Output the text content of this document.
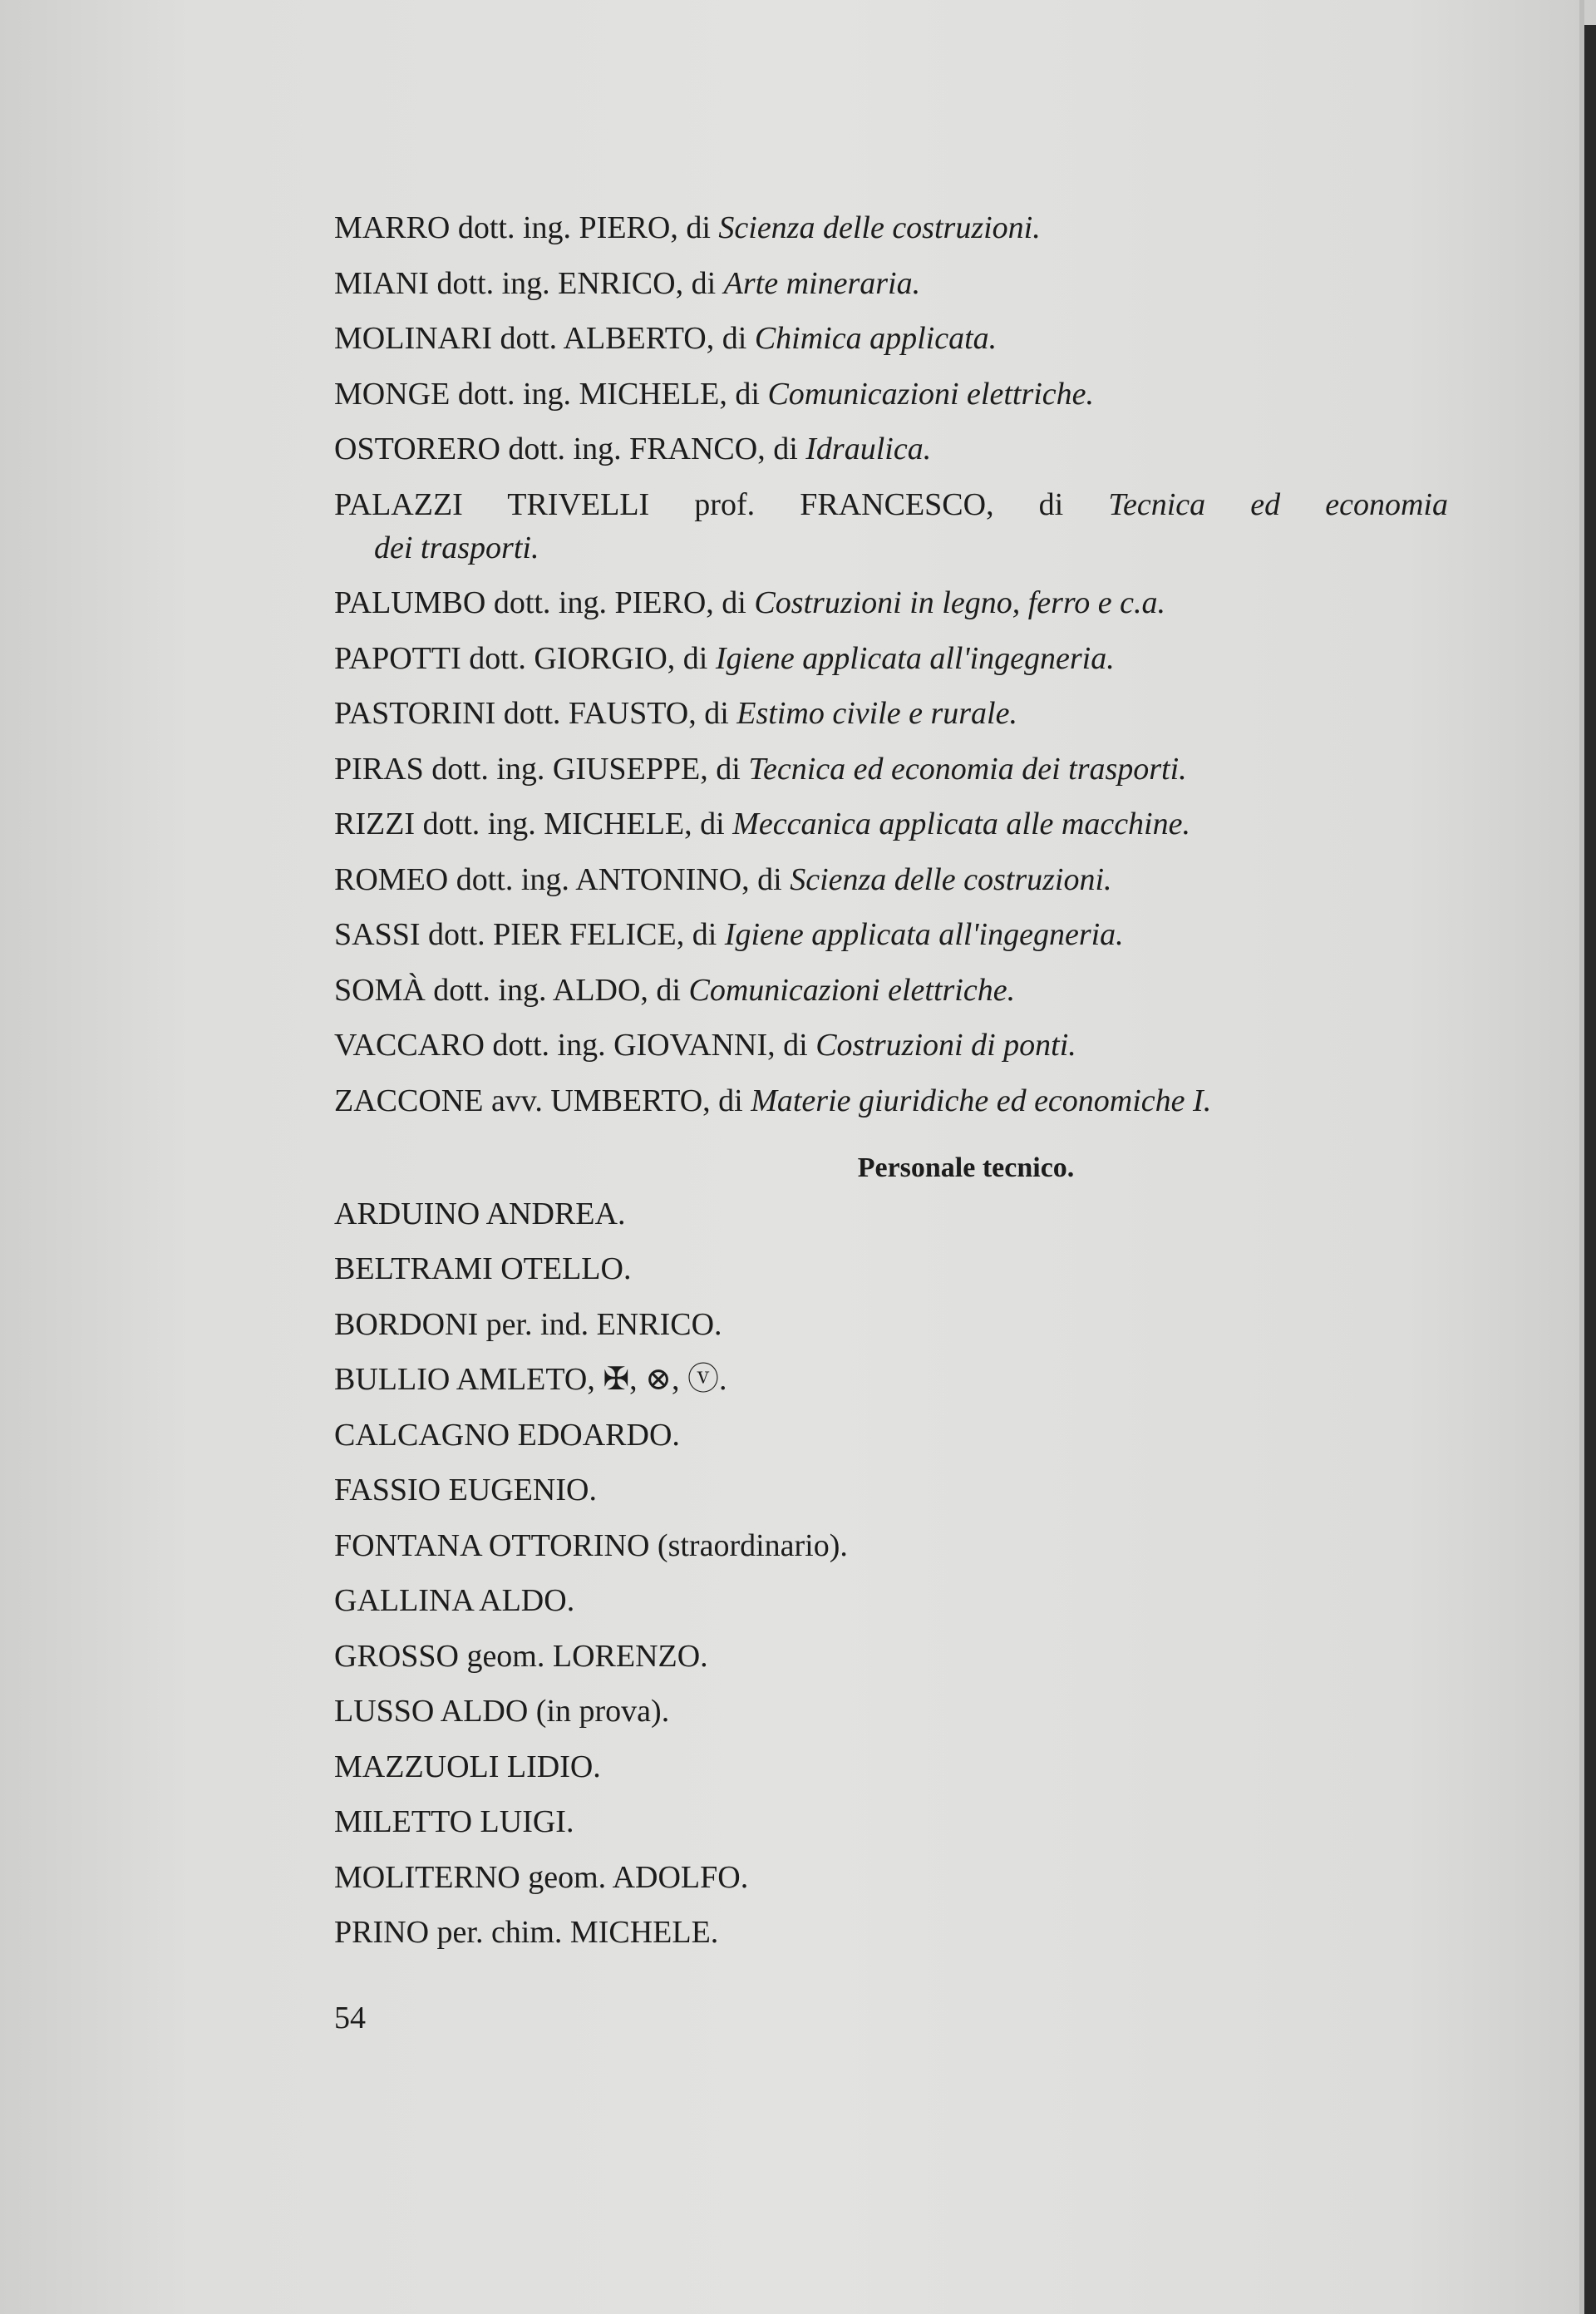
MARRO dott. ing. PIERO, di Scienza delle costruzioni.

MIANI dott. ing. ENRICO, di Arte mineraria.

MOLINARI dott. ALBERTO, di Chimica applicata.

MONGE dott. ing. MICHELE, di Comunicazioni elettriche.

OSTORERO dott. ing. FRANCO, di Idraulica.

PALAZZI TRIVELLI prof. FRANCESCO, di Tecnica ed economia
dei trasporti.

PALUMBO dott. ing. PIERO, di Costruzioni in legno, ferro e c.a.

PAPOTTI dott. GIORGIO, di Igiene applicata all'ingegneria.

PASTORINI dott. FAUSTO, di Estimo civile e rurale.

PIRAS dott. ing. GIUSEPPE, di Tecnica ed economia dei trasporti.

RIZZI dott. ing. MICHELE, di Meccanica applicata alle macchine.

ROMEO dott. ing. ANTONINO, di Scienza delle costruzioni.

SASSI dott. PIER FELICE, di Igiene applicata all'ingegneria.

SOMÀ dott. ing. ALDO, di Comunicazioni elettriche.

VACCARO dott. ing. GIOVANNI, di Costruzioni di ponti.

ZACCONE avv. UMBERTO, di Materie giuridiche ed economiche I.

Personale tecnico.

ARDUINO ANDREA.

BELTRAMI OTELLO.

BORDONI per. ind. ENRICO.

BULLIO AMLETO, ✠, ⊗, ⓥ.

CALCAGNO EDOARDO.

FASSIO EUGENIO.

FONTANA OTTORINO (straordinario).

GALLINA ALDO.

GROSSO geom. LORENZO.

LUSSO ALDO (in prova).

MAZZUOLI LIDIO.

MILETTO LUIGI.

MOLITERNO geom. ADOLFO.

PRINO per. chim. MICHELE.

54
